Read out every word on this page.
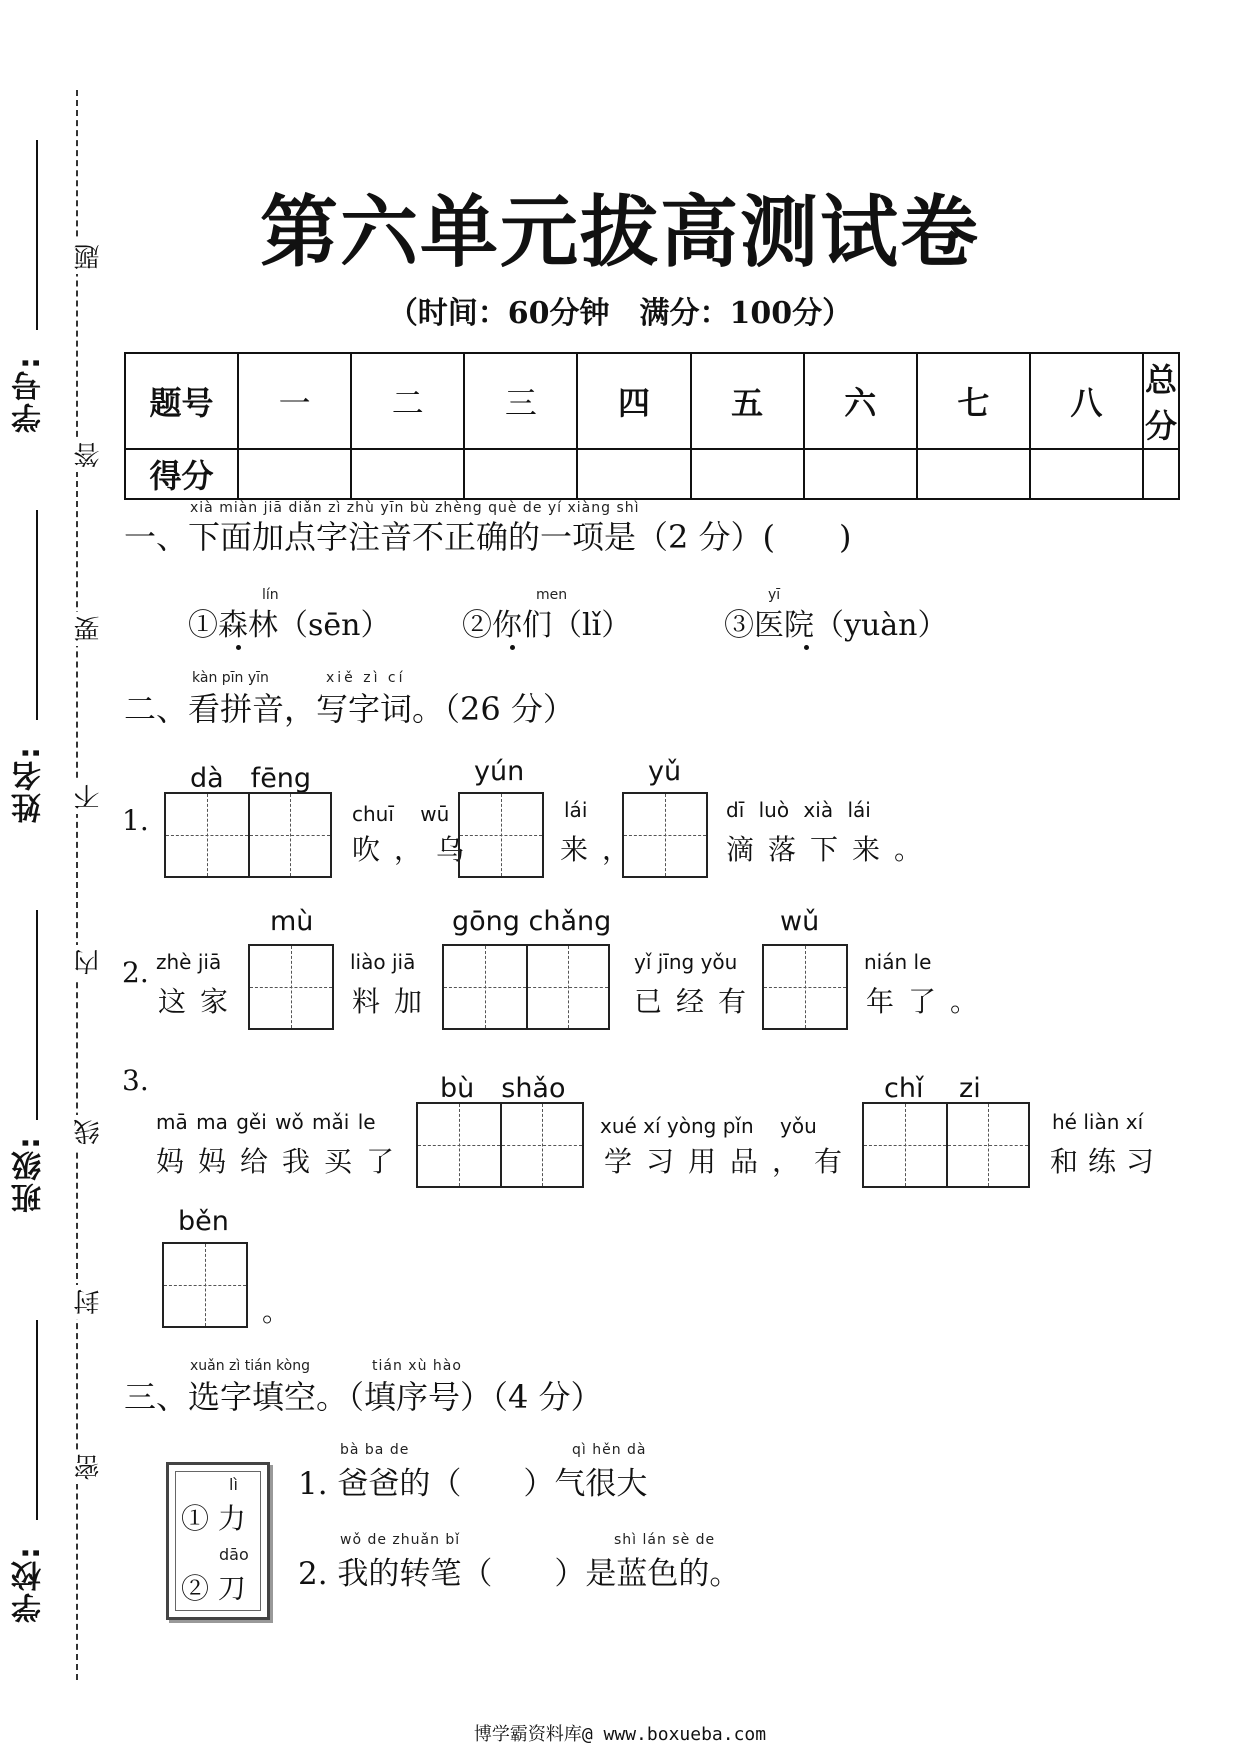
学号:
姓名:
班级:
学校:
题
答
要
不
内
线
封
密
第六单元拔高测试卷
（时间：60分钟　满分：100分）
题号	一	二	三	四	五	六	七	八	总分
得分									
xià miàn jiā diǎn zì zhù yīn bù zhèng què de yí xiàng shì
一、下面加点字注音不正确的一项是（2 分）(　　)
lín
①森林（sēn）
men
②你们（lǐ）
yī
③医院（yuàn）
kàn pīn yīn	xiě zì cí
二、看拼音，写字词。（26 分）
1.
dà　fēng
chuī　 wū
吹，乌
yún
lái
来，
yǔ
dī luò xià lái
滴落下来。
2. zhè jiā
这家
mù
liào jiā
料加
gōng chǎng
yǐ jīng yǒu
已经有
wǔ
nián le
年了。
3.
mā ma gěi wǒ mǎi le
妈妈给我买了
bù　shǎo
xué xí yòng pǐn　 yǒu
学习用品，有
chǐ　 zi
hé liàn xí
和练习
běn
。
xuǎn zì tián kòng	tián xù hào
三、选字填空。（填序号）（4 分）
lì
① 力
dāo
② 刀
bà ba de	qì hěn dà
1. 爸爸的（　　）气很大
wǒ de zhuǎn bǐ	shì lán sè de
2. 我的转笔（　　）是蓝色的。
博学霸资料库@ www.boxueba.com
